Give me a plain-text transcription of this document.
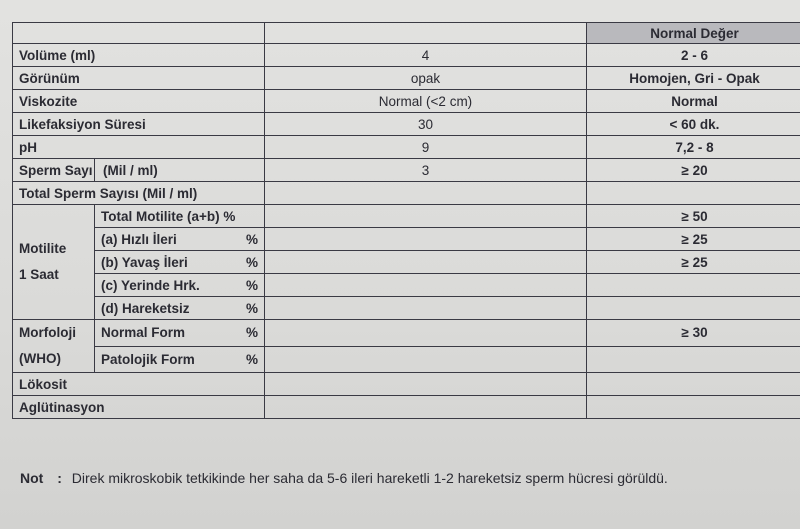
			Normal Değer
Volüme (ml)		4	2 - 6
Görünüm		opak	Homojen, Gri - Opak
Viskozite		Normal (<2 cm)	Normal
Likefaksiyon Süresi		30	< 60 dk.
pH		9	7,2 - 8
Sperm Sayı	(Mil / ml)	3	≥ 20
Total Sperm Sayısı (Mil / ml)			
Motilite
1 Saat	Total Motilite (a+b) %		≥ 50
	(a) Hızlı İleri %		≥ 25
	(b) Yavaş İleri %		≥ 25
	(c) Yerinde Hrk. %		

	(d) Hareketsiz %		

Morfoloji
(WHO)	Normal Form %		≥ 30
	Patolojik Form %		

Lökosit			
Aglütinasyon			
Not : Direk mikroskobik tetkikinde her saha da 5-6 ileri hareketli 1-2 hareketsiz sperm hücresi görüldü.
